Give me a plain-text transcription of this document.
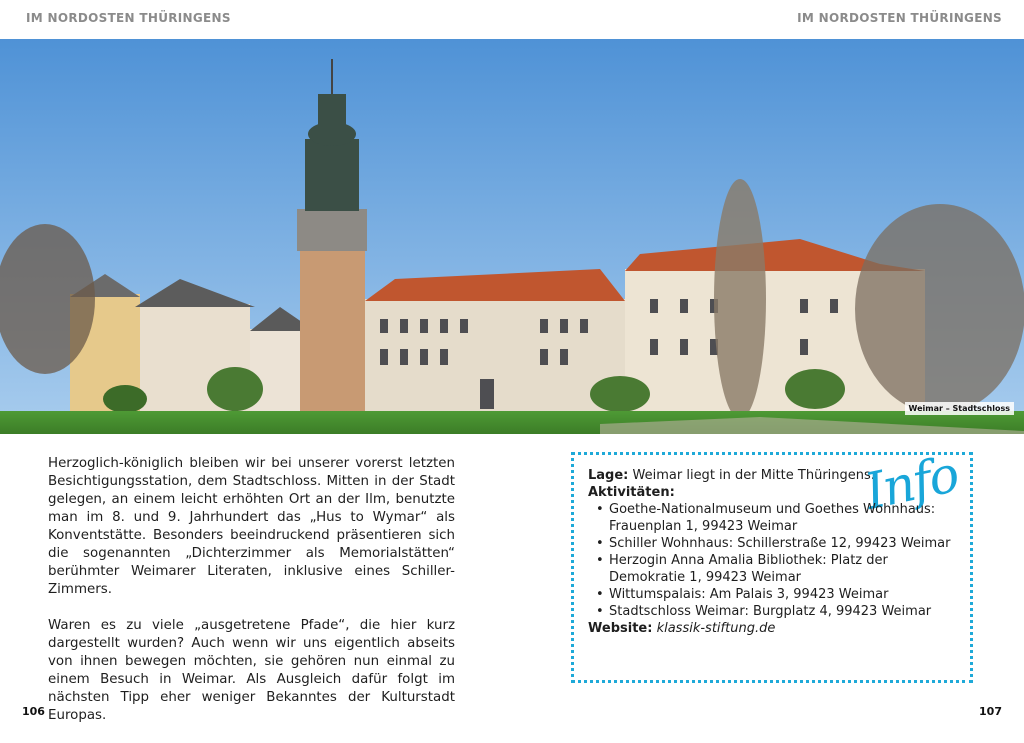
IM NORDOSTEN THÜRINGENS	IM NORDOSTEN THÜRINGENS
Weimar – Stadtschloss

Herzoglich-königlich bleiben wir bei unserer vorerst letzten Besichtigungsstation, dem Stadtschloss. Mitten in der Stadt gelegen, an einem leicht erhöhten Ort an der Ilm, benutzte man im 8. und 9. Jahrhundert das „Hus to Wymar“ als Konventstätte. Besonders beeindruckend präsentieren sich die sogenannten „Dichterzimmer als Memorialstätten“ berühmter Weimarer Literaten, inklusive eines Schiller-Zimmers.

Waren es zu viele „ausgetretene Pfade“, die hier kurz dargestellt wurden? Auch wenn wir uns eigentlich abseits von ihnen bewegen möchten, sie gehören nun einmal zu einem Besuch in Weimar. Als Ausgleich dafür folgt im nächsten Tipp eher weniger Bekanntes der Kulturstadt Europas.

Info
Lage: Weimar liegt in der Mitte Thüringens.
Aktivitäten:
• Goethe-Nationalmuseum und Goethes Wohnhaus: Frauenplan 1, 99423 Weimar
• Schiller Wohnhaus: Schillerstraße 12, 99423 Weimar
• Herzogin Anna Amalia Bibliothek: Platz der Demokratie 1, 99423 Weimar
• Wittumspalais: Am Palais 3, 99423 Weimar
• Stadtschloss Weimar: Burgplatz 4, 99423 Weimar
Website: klassik-stiftung.de
106	107
